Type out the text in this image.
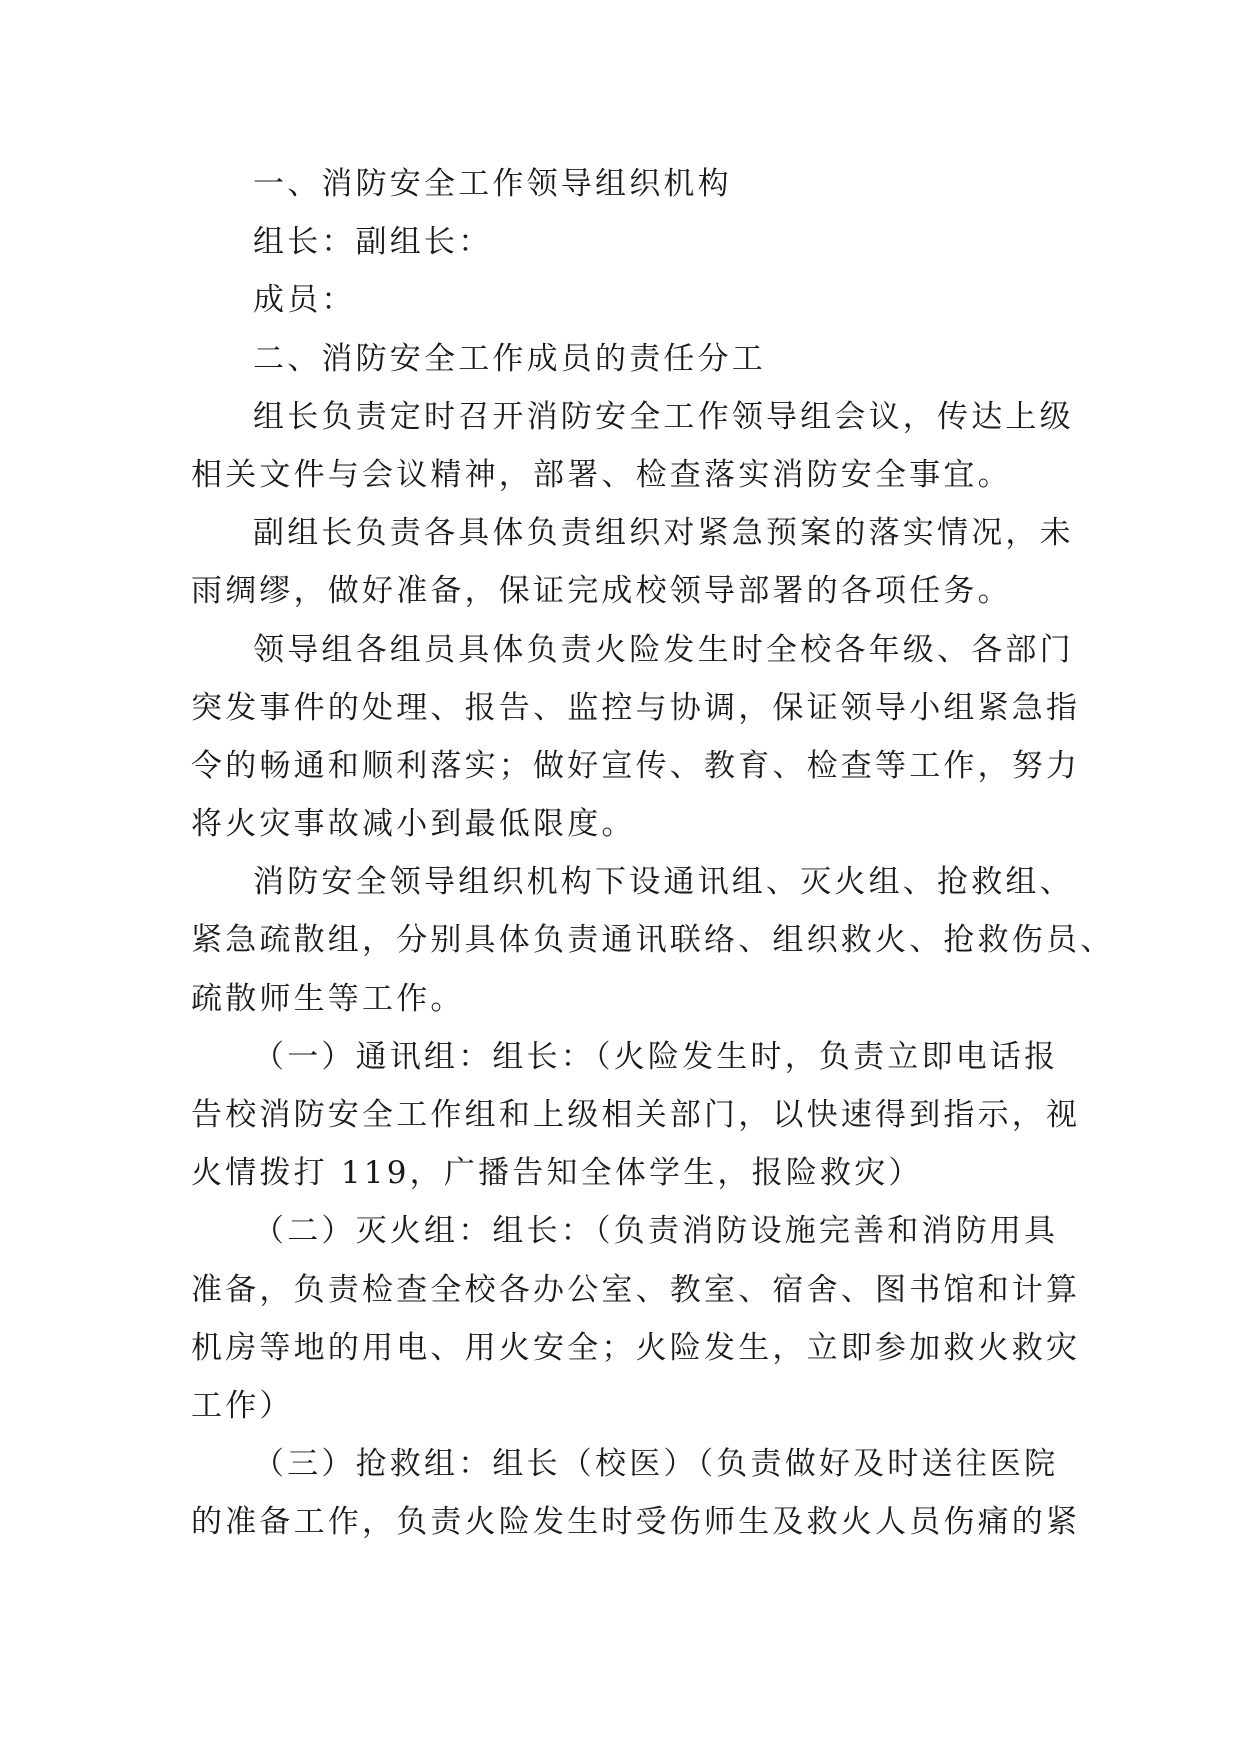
一、消防安全工作领导组织机构
组长：副组长：
成员：
二、消防安全工作成员的责任分工
组长负责定时召开消防安全工作领导组会议，传达上级
相关文件与会议精神，部署、检查落实消防安全事宜。
副组长负责各具体负责组织对紧急预案的落实情况，未
雨绸缪，做好准备，保证完成校领导部署的各项任务。
领导组各组员具体负责火险发生时全校各年级、各部门
突发事件的处理、报告、监控与协调，保证领导小组紧急指
令的畅通和顺利落实；做好宣传、教育、检查等工作，努力
将火灾事故减小到最低限度。
消防安全领导组织机构下设通讯组、灭火组、抢救组、
紧急疏散组，分别具体负责通讯联络、组织救火、抢救伤员、
疏散师生等工作。
（一）通讯组：组长：（火险发生时，负责立即电话报
告校消防安全工作组和上级相关部门，以快速得到指示，视
火情拨打 119，广播告知全体学生，报险救灾）
（二）灭火组：组长：（负责消防设施完善和消防用具
准备，负责检查全校各办公室、教室、宿舍、图书馆和计算
机房等地的用电、用火安全；火险发生，立即参加救火救灾
工作）
（三）抢救组：组长（校医）（负责做好及时送往医院
的准备工作，负责火险发生时受伤师生及救火人员伤痛的紧
